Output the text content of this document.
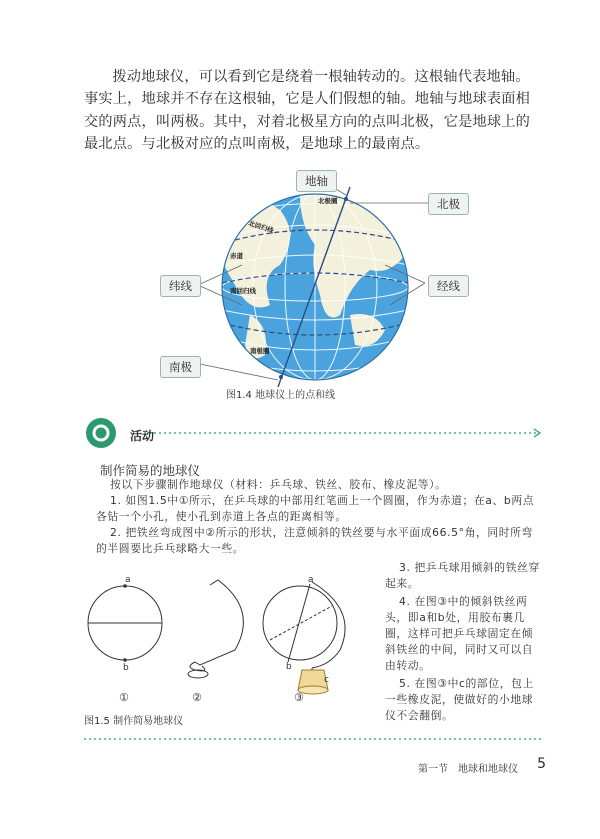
拨动地球仪，可以看到它是绕着一根轴转动的。这根轴代表地轴。事实上，地球并不存在这根轴，它是人们假想的轴。地轴与地球表面相交的两点，叫两极。其中，对着北极星方向的点叫北极，它是地球上的最北点。与北极对应的点叫南极，是地球上的最南点。
北极圈
北回归线
赤道
南回归线
南极圈
地轴
北极
纬线	经线
南极
图1.4 地球仪上的点和线
活动
制作简易的地球仪
按以下步骤制作地球仪（材料：乒乓球、铁丝、胶布、橡皮泥等）。
1. 如图1.5中①所示，在乒乓球的中部用红笔画上一个圆圈，作为赤道；在a、b两点各钻一个小孔，使小孔到赤道上各点的距离相等。
2. 把铁丝弯成图中②所示的形状，注意倾斜的铁丝要与水平面成66.5°角，同时所弯的半圆要比乒乓球略大一些。
3. 把乒乓球用倾斜的铁丝穿起来。
4. 在图③中的倾斜铁丝两头，即a和b处，用胶布裹几圈，这样可把乒乓球固定在倾斜铁丝的中间，同时又可以自由转动。
5. 在图③中c的部位，包上一些橡皮泥，使做好的小地球仪不会翻倒。
a
b
a
b
c
①	②	③
图1.5 制作简易地球仪
第一节　地球和地球仪 5
